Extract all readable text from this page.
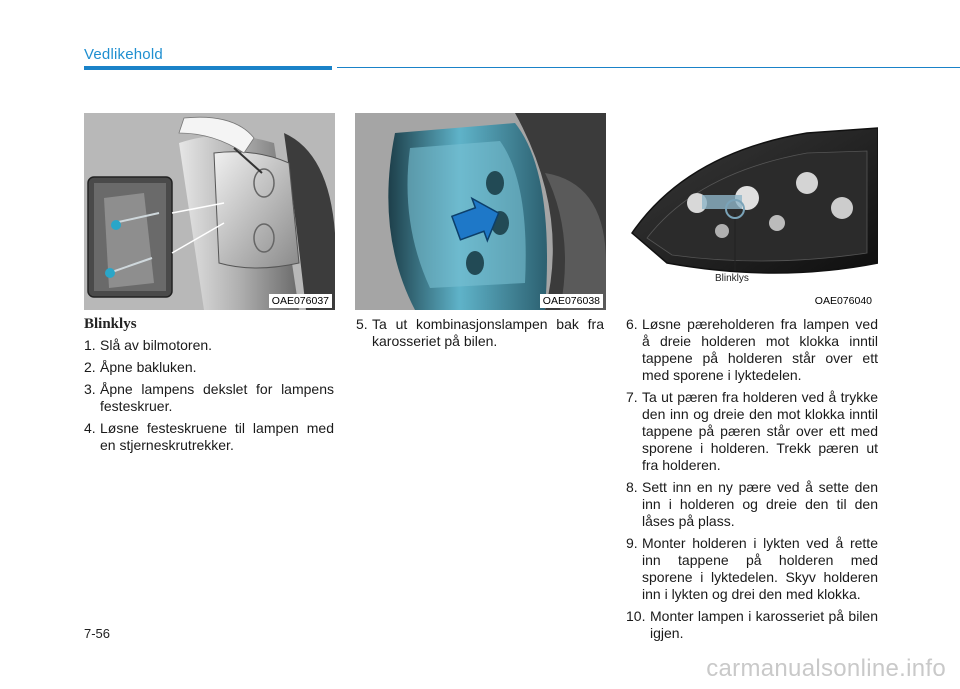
Vedlikehold
OAE076037	OAE076038
Blinklys
OAE076040
Blinklys
1. Slå av bilmotoren.
2. Åpne bakluken.
3. Åpne lampens dekslet for lampens festeskruer.
4. Løsne festeskruene til lampen med en stjerneskrutrekker.
5. Ta ut kombinasjonslampen bak fra karosseriet på bilen.
6. Løsne pæreholderen fra lampen ved å dreie holderen mot klokka inntil tappene på holderen står over ett med sporene i lyktedelen.
7. Ta ut pæren fra holderen ved å trykke den inn og dreie den mot klokka inntil tappene på pæren står over ett med sporene i holderen. Trekk pæren ut fra holderen.
8. Sett inn en ny pære ved å sette den inn i holderen og dreie den til den låses på plass.
9. Monter holderen i lykten ved å rette inn tappene på holderen med sporene i lyktedelen. Skyv holderen inn i lykten og drei den med klokka.
10. Monter lampen i karosseriet på bilen igjen.
7-56
carmanualsonline.info
